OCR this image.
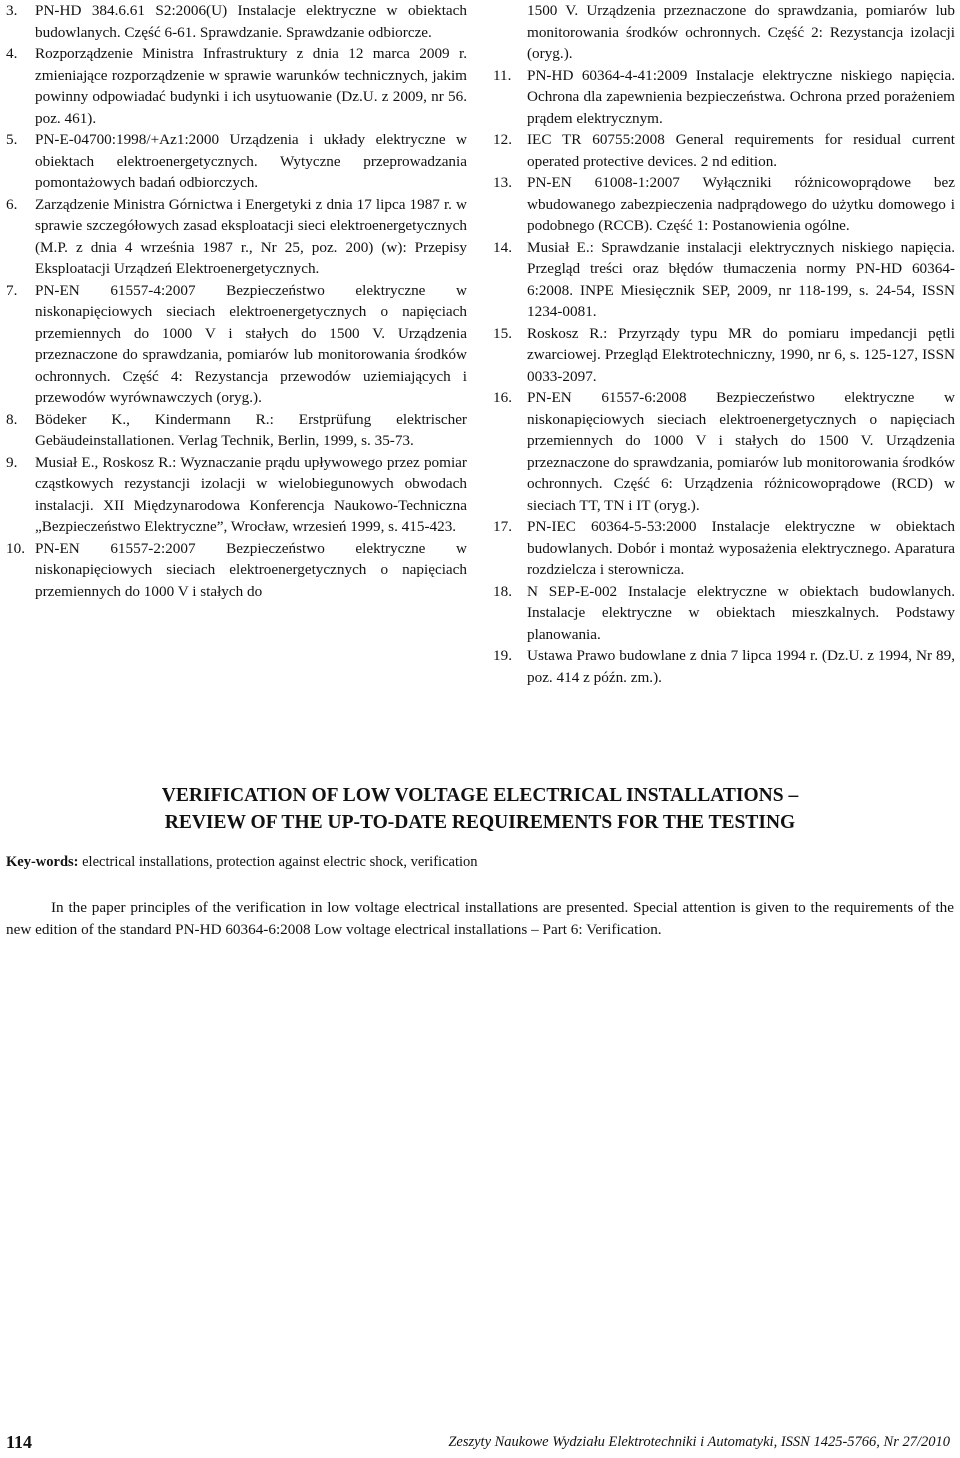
3.	PN-HD 384.6.61 S2:2006(U) Instalacje elektryczne w obiektach budowlanych. Część 6-61. Sprawdzanie. Sprawdzanie odbiorcze.
4.	Rozporządzenie Ministra Infrastruktury z dnia 12 marca 2009 r. zmieniające rozporządzenie w sprawie warunków technicznych, jakim powinny odpowiadać budynki i ich usytuowanie (Dz.U. z 2009, nr 56. poz. 461).
5.	PN-E-04700:1998/+Az1:2000 Urządzenia i układy elektryczne w obiektach elektroenergetycznych. Wytyczne przeprowadzania pomontażowych badań odbiorczych.
6.	Zarządzenie Ministra Górnictwa i Energetyki z dnia 17 lipca 1987 r. w sprawie szczegółowych zasad eksploatacji sieci elektroenergetycznych (M.P. z dnia 4 września 1987 r., Nr 25, poz. 200) (w): Przepisy Eksploatacji Urządzeń Elektroenergetycznych.
7.	PN-EN 61557-4:2007 Bezpieczeństwo elektryczne w niskonapięciowych sieciach elektroenergetycznych o napięciach przemiennych do 1000 V i stałych do 1500 V. Urządzenia przeznaczone do sprawdzania, pomiarów lub monitorowania środków ochronnych. Część 4: Rezystancja przewodów uziemiających i przewodów wyrównawczych (oryg.).
8.	Bödeker K., Kindermann R.: Erstprüfung elektrischer Gebäudeinstallationen. Verlag Technik, Berlin, 1999, s. 35-73.
9.	Musiał E., Roskosz R.: Wyznaczanie prądu upływowego przez pomiar cząstkowych rezystancji izolacji w wielobiegunowych obwodach instalacji. XII Międzynarodowa Konferencja Naukowo-Techniczna „Bezpieczeństwo Elektryczne”, Wrocław, wrzesień 1999, s. 415-423.
10. PN-EN 61557-2:2007 Bezpieczeństwo elektryczne w niskonapięciowych sieciach elektroenergetycznych o napięciach przemiennych do 1000 V i stałych do
1500 V. Urządzenia przeznaczone do sprawdzania, pomiarów lub monitorowania środków ochronnych. Część 2: Rezystancja izolacji (oryg.).
11.	PN-HD 60364-4-41:2009 Instalacje elektryczne niskiego napięcia. Ochrona dla zapewnienia bezpieczeństwa. Ochrona przed porażeniem prądem elektrycznym.
12. IEC TR 60755:2008 General requirements for residual current operated protective devices. 2 nd edition.
13. PN-EN 61008-1:2007 Wyłączniki różnicowoprądowe bez wbudowanego zabezpieczenia nadprądowego do użytku domowego i podobnego (RCCB). Część 1: Postanowienia ogólne.
14. Musiał E.: Sprawdzanie instalacji elektrycznych niskiego napięcia. Przegląd treści oraz błędów tłumaczenia normy PN-HD 60364-6:2008. INPE Miesięcznik SEP, 2009, nr 118-199, s. 24-54, ISSN 1234-0081.
15. Roskosz R.: Przyrządy typu MR do pomiaru impedancji pętli zwarciowej. Przegląd Elektrotechniczny, 1990, nr 6, s. 125-127, ISSN 0033-2097.
16. PN-EN 61557-6:2008 Bezpieczeństwo elektryczne w niskonapięciowych sieciach elektroenergetycznych o napięciach przemiennych do 1000 V i stałych do 1500 V. Urządzenia przeznaczone do sprawdzania, pomiarów lub monitorowania środków ochronnych. Część 6: Urządzenia różnicowoprądowe (RCD) w sieciach TT, TN i IT (oryg.).
17. PN-IEC 60364-5-53:2000 Instalacje elektryczne w obiektach budowlanych. Dobór i montaż wyposażenia elektrycznego. Aparatura rozdzielcza i sterownicza.
18. N SEP-E-002 Instalacje elektryczne w obiektach budowlanych. Instalacje elektryczne w obiektach mieszkalnych. Podstawy planowania.
19. Ustawa Prawo budowlane z dnia 7 lipca 1994 r. (Dz.U. z 1994, Nr 89, poz. 414 z późn. zm.).
VERIFICATION OF LOW VOLTAGE ELECTRICAL INSTALLATIONS –
REVIEW OF THE UP-TO-DATE REQUIREMENTS FOR THE TESTING
Key-words: electrical installations, protection against electric shock, verification
In the paper principles of the verification in low voltage electrical installations are presented. Special attention is given to the requirements of the new edition of the standard PN-HD 60364-6:2008 Low voltage electrical installations – Part 6: Verification.
114	Zeszyty Naukowe Wydziału Elektrotechniki i Automatyki, ISSN 1425-5766, Nr 27/2010
